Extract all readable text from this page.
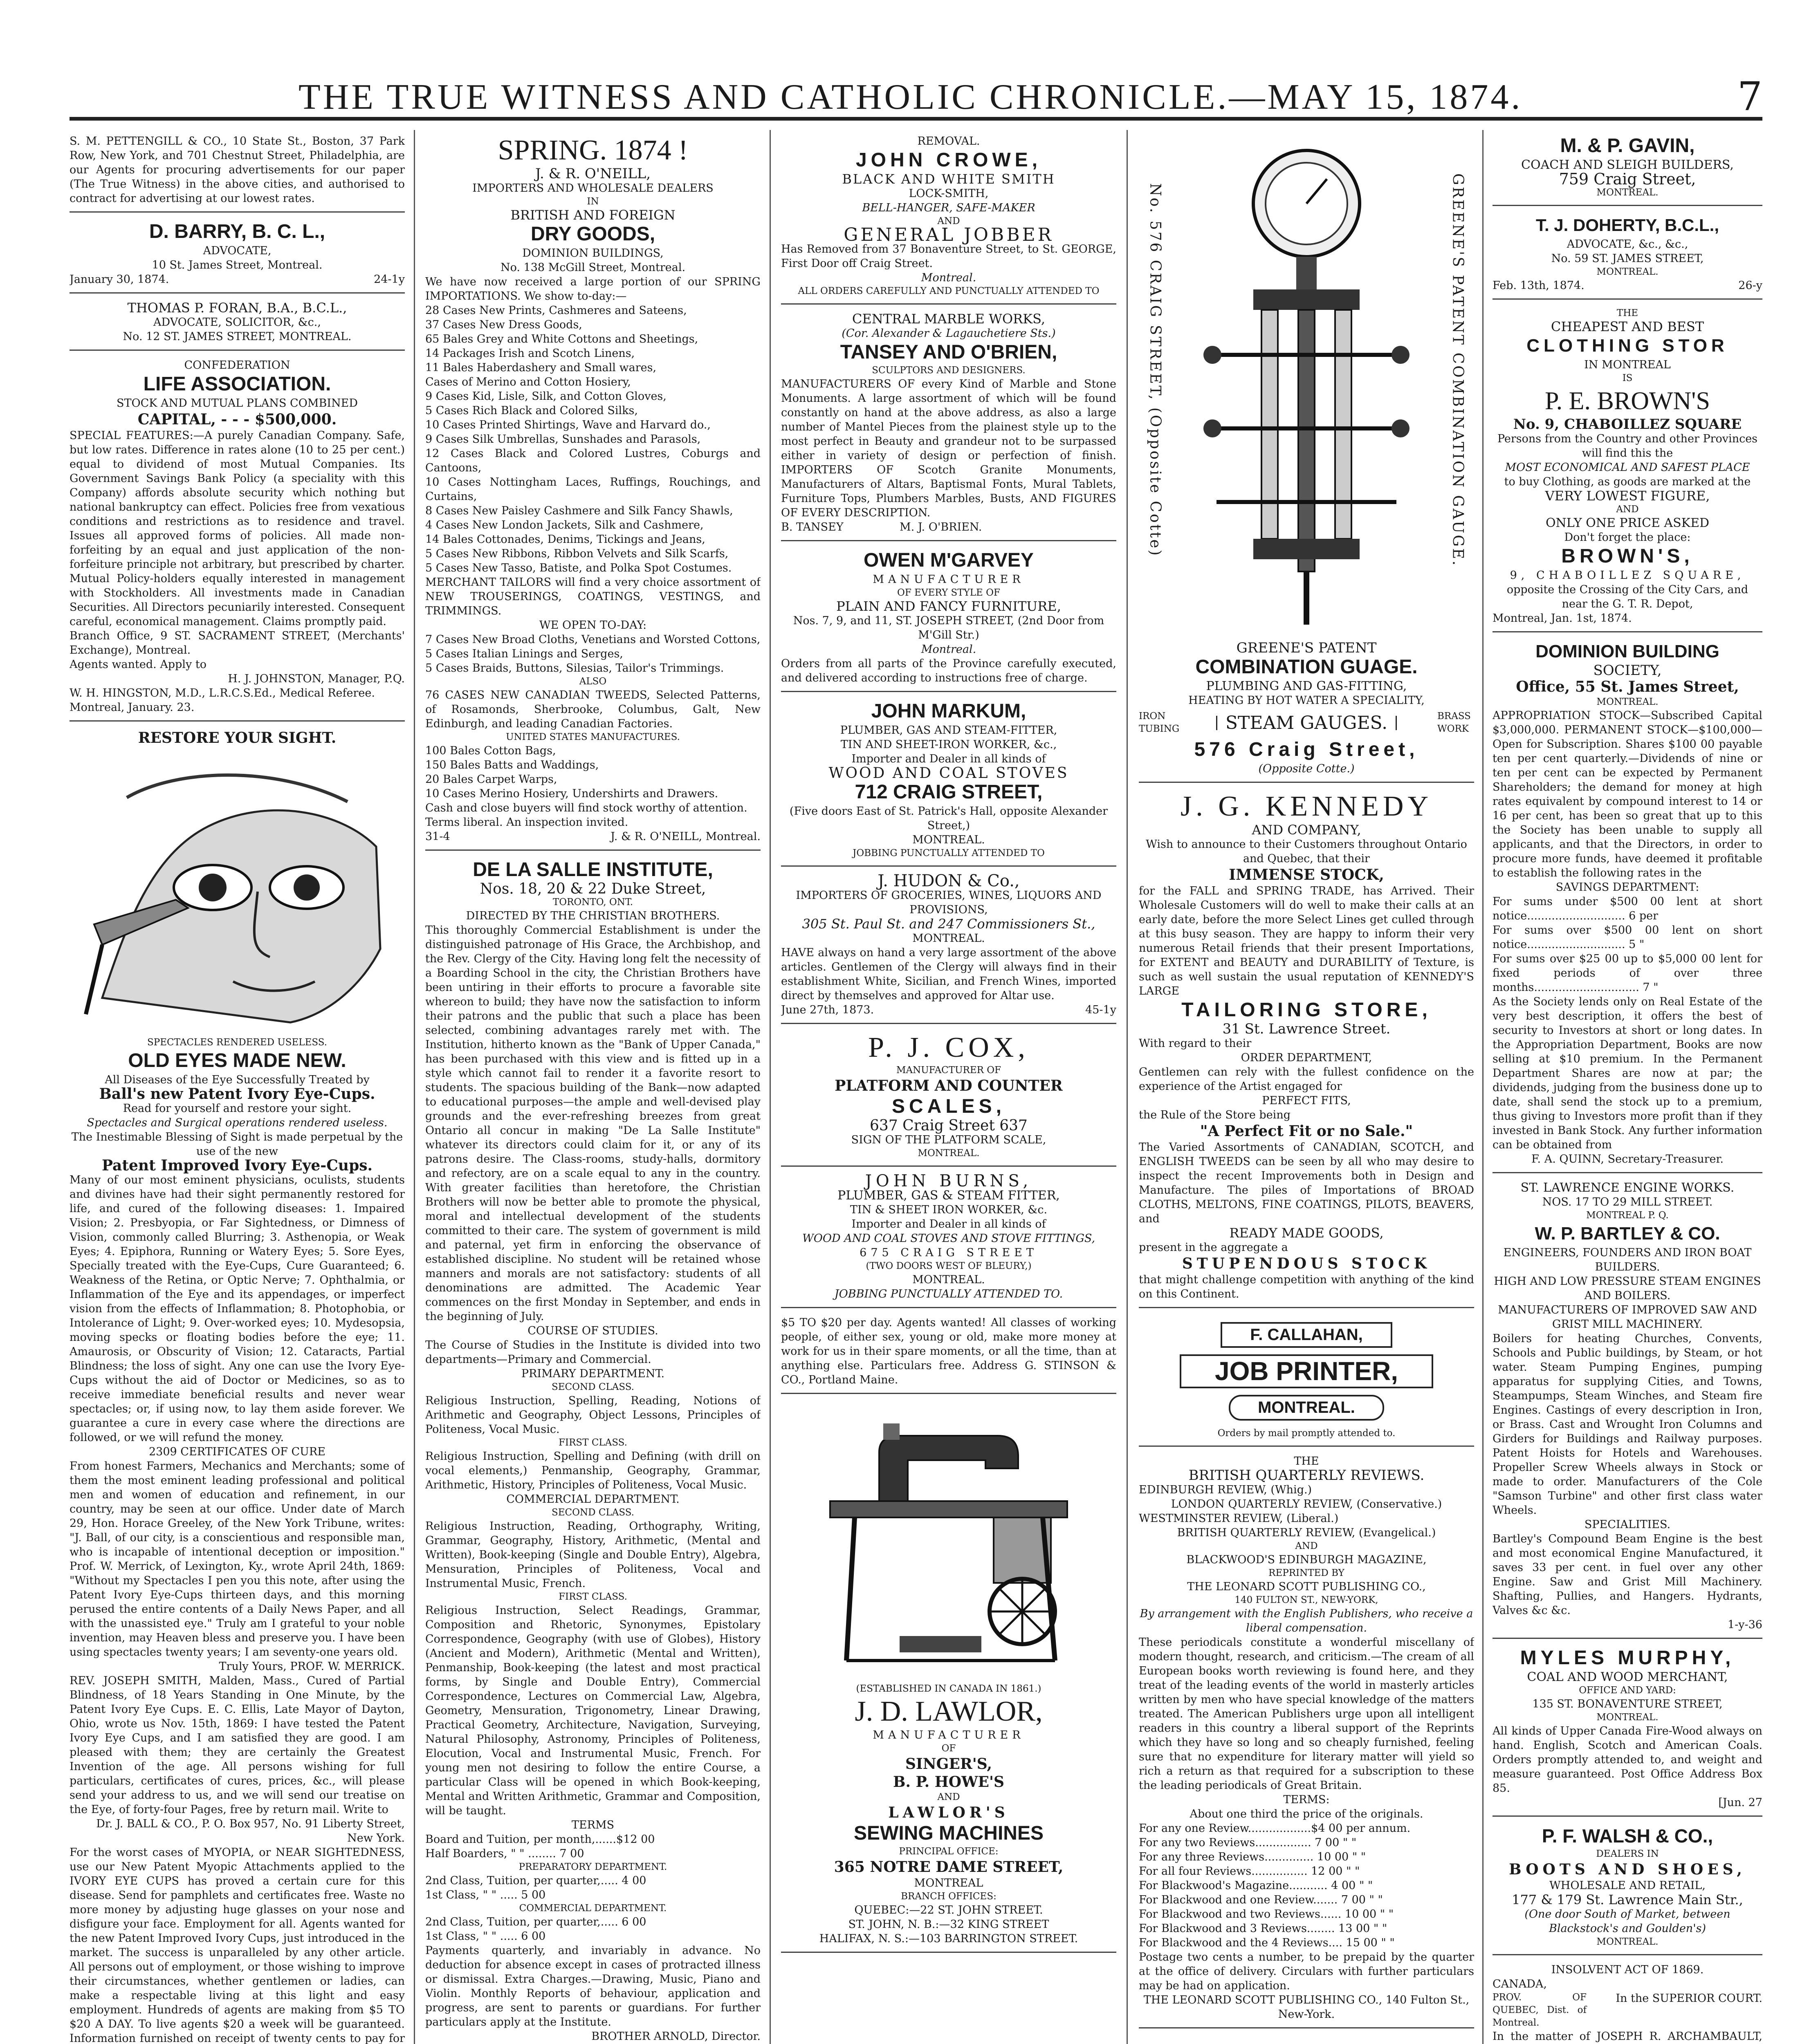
THE TRUE WITNESS AND CATHOLIC CHRONICLE.—MAY 15, 1874.	7

S. M. PETTENGILL & CO., 10 State St., Boston, 37 Park Row, New York, and 701 Chestnut Street, Philadelphia, are our Agents for procuring advertisements for our paper (The True Witness) in the above cities, and authorised to contract for advertising at our lowest rates.

D. BARRY, B. C. L.,
ADVOCATE,
10 St. James Street, Montreal.
January 30, 1874.	24-1y
THOMAS P. FORAN, B.A., B.C.L.,
ADVOCATE, SOLICITOR, &c.,
No. 12 ST. JAMES STREET, MONTREAL.
CONFEDERATION
LIFE ASSOCIATION.
STOCK AND MUTUAL PLANS COMBINED
CAPITAL, - - - $500,000.

SPECIAL FEATURES:—A purely Canadian Company. Safe, but low rates. Difference in rates alone (10 to 25 per cent.) equal to dividend of most Mutual Companies. Its Government Savings Bank Policy (a speciality with this Company) affords absolute security which nothing but national bankruptcy can effect. Policies free from vexatious conditions and restrictions as to residence and travel. Issues all approved forms of policies. All made non-forfeiting by an equal and just application of the non-forfeiture principle not arbitrary, but prescribed by charter. Mutual Policy-holders equally interested in management with Stockholders. All investments made in Canadian Securities. All Directors pecuniarily interested. Consequent careful, economical management. Claims promptly paid.

Branch Office, 9 ST. SACRAMENT STREET, (Merchants' Exchange), Montreal.

Agents wanted. Apply to

H. J. JOHNSTON, Manager, P.Q.

W. H. HINGSTON, M.D., L.R.C.S.Ed., Medical Referee.

Montreal, January. 23.

RESTORE YOUR SIGHT.
SPECTACLES RENDERED USELESS.
OLD EYES MADE NEW.
All Diseases of the Eye Successfully Treated by
Ball's new Patent Ivory Eye-Cups.
Read for yourself and restore your sight.
Spectacles and Surgical operations rendered useless.
The Inestimable Blessing of Sight is made perpetual by the use of the new
Patent Improved Ivory Eye-Cups.

Many of our most eminent physicians, oculists, students and divines have had their sight permanently restored for life, and cured of the following diseases: 1. Impaired Vision; 2. Presbyopia, or Far Sightedness, or Dimness of Vision, commonly called Blurring; 3. Asthenopia, or Weak Eyes; 4. Epiphora, Running or Watery Eyes; 5. Sore Eyes, Specially treated with the Eye-Cups, Cure Guaranteed; 6. Weakness of the Retina, or Optic Nerve; 7. Ophthalmia, or Inflammation of the Eye and its appendages, or imperfect vision from the effects of Inflammation; 8. Photophobia, or Intolerance of Light; 9. Over-worked eyes; 10. Mydesopsia, moving specks or floating bodies before the eye; 11. Amaurosis, or Obscurity of Vision; 12. Cataracts, Partial Blindness; the loss of sight. Any one can use the Ivory Eye-Cups without the aid of Doctor or Medicines, so as to receive immediate beneficial results and never wear spectacles; or, if using now, to lay them aside forever. We guarantee a cure in every case where the directions are followed, or we will refund the money.

2309 CERTIFICATES OF CURE

From honest Farmers, Mechanics and Merchants; some of them the most eminent leading professional and political men and women of education and refinement, in our country, may be seen at our office. Under date of March 29, Hon. Horace Greeley, of the New York Tribune, writes: "J. Ball, of our city, is a conscientious and responsible man, who is incapable of intentional deception or imposition." Prof. W. Merrick, of Lexington, Ky., wrote April 24th, 1869: "Without my Spectacles I pen you this note, after using the Patent Ivory Eye-Cups thirteen days, and this morning perused the entire contents of a Daily News Paper, and all with the unassisted eye." Truly am I grateful to your noble invention, may Heaven bless and preserve you. I have been using spectacles twenty years; I am seventy-one years old.

Truly Yours, PROF. W. MERRICK.

REV. JOSEPH SMITH, Malden, Mass., Cured of Partial Blindness, of 18 Years Standing in One Minute, by the Patent Ivory Eye Cups. E. C. Ellis, Late Mayor of Dayton, Ohio, wrote us Nov. 15th, 1869: I have tested the Patent Ivory Eye Cups, and I am satisfied they are good. I am pleased with them; they are certainly the Greatest Invention of the age. All persons wishing for full particulars, certificates of cures, prices, &c., will please send your address to us, and we will send our treatise on the Eye, of forty-four Pages, free by return mail. Write to

Dr. J. BALL & CO., P. O. Box 957, No. 91 Liberty Street, New York.

For the worst cases of MYOPIA, or NEAR SIGHTEDNESS, use our New Patent Myopic Attachments applied to the IVORY EYE CUPS has proved a certain cure for this disease. Send for pamphlets and certificates free. Waste no more money by adjusting huge glasses on your nose and disfigure your face. Employment for all. Agents wanted for the new Patent Improved Ivory Cups, just introduced in the market. The success is unparalleled by any other article. All persons out of employment, or those wishing to improve their circumstances, whether gentlemen or ladies, can make a respectable living at this light and easy employment. Hundreds of agents are making from $5 TO $20 A DAY. To live agents $20 a week will be guaranteed. Information furnished on receipt of twenty cents to pay for

SPRING. 1874 !
J. & R. O'NEILL,
IMPORTERS AND WHOLESALE DEALERS
IN
BRITISH AND FOREIGN
DRY GOODS,
DOMINION BUILDINGS,
No. 138 McGill Street, Montreal.

We have now received a large portion of our SPRING IMPORTATIONS. We show to-day:—

28 Cases New Prints, Cashmeres and Sateens,
37 Cases New Dress Goods,
65 Bales Grey and White Cottons and Sheetings,
14 Packages Irish and Scotch Linens,
11 Bales Haberdashery and Small wares,
Cases of Merino and Cotton Hosiery,
9 Cases Kid, Lisle, Silk, and Cotton Gloves,
5 Cases Rich Black and Colored Silks,
10 Cases Printed Shirtings, Wave and Harvard do.,
9 Cases Silk Umbrellas, Sunshades and Parasols,
12 Cases Black and Colored Lustres, Coburgs and Cantoons,
10 Cases Nottingham Laces, Ruffings, Rouchings, and Curtains,
8 Cases New Paisley Cashmere and Silk Fancy Shawls,
4 Cases New London Jackets, Silk and Cashmere,
14 Bales Cottonades, Denims, Tickings and Jeans,
5 Cases New Ribbons, Ribbon Velvets and Silk Scarfs,
5 Cases New Tasso, Batiste, and Polka Spot Costumes.

MERCHANT TAILORS will find a very choice assortment of NEW TROUSERINGS, COATINGS, VESTINGS, and TRIMMINGS.

WE OPEN TO-DAY:
7 Cases New Broad Cloths, Venetians and Worsted Cottons,
5 Cases Italian Linings and Serges,
5 Cases Braids, Buttons, Silesias, Tailor's Trimmings.
ALSO

76 CASES NEW CANADIAN TWEEDS, Selected Patterns, of Rosamonds, Sherbrooke, Columbus, Galt, New Edinburgh, and leading Canadian Factories.

UNITED STATES MANUFACTURES.
100 Bales Cotton Bags,
150 Bales Batts and Waddings,
20 Bales Carpet Warps,
10 Cases Merino Hosiery, Undershirts and Drawers.

Cash and close buyers will find stock worthy of attention.

Terms liberal. An inspection invited.

31-4	J. & R. O'NEILL, Montreal.
DE LA SALLE INSTITUTE,
Nos. 18, 20 & 22 Duke Street,
TORONTO, ONT.
DIRECTED BY THE CHRISTIAN BROTHERS.

This thoroughly Commercial Establishment is under the distinguished patronage of His Grace, the Archbishop, and the Rev. Clergy of the City. Having long felt the necessity of a Boarding School in the city, the Christian Brothers have been untiring in their efforts to procure a favorable site whereon to build; they have now the satisfaction to inform their patrons and the public that such a place has been selected, combining advantages rarely met with. The Institution, hitherto known as the "Bank of Upper Canada," has been purchased with this view and is fitted up in a style which cannot fail to render it a favorite resort to students. The spacious building of the Bank—now adapted to educational purposes—the ample and well-devised play grounds and the ever-refreshing breezes from great Ontario all concur in making "De La Salle Institute" whatever its directors could claim for it, or any of its patrons desire. The Class-rooms, study-halls, dormitory and refectory, are on a scale equal to any in the country. With greater facilities than heretofore, the Christian Brothers will now be better able to promote the physical, moral and intellectual development of the students committed to their care. The system of government is mild and paternal, yet firm in enforcing the observance of established discipline. No student will be retained whose manners and morals are not satisfactory: students of all denominations are admitted. The Academic Year commences on the first Monday in September, and ends in the beginning of July.

COURSE OF STUDIES.

The Course of Studies in the Institute is divided into two departments—Primary and Commercial.

PRIMARY DEPARTMENT.
SECOND CLASS.

Religious Instruction, Spelling, Reading, Notions of Arithmetic and Geography, Object Lessons, Principles of Politeness, Vocal Music.

FIRST CLASS.

Religious Instruction, Spelling and Defining (with drill on vocal elements,) Penmanship, Geography, Grammar, Arithmetic, History, Principles of Politeness, Vocal Music.

COMMERCIAL DEPARTMENT.
SECOND CLASS.

Religious Instruction, Reading, Orthography, Writing, Grammar, Geography, History, Arithmetic, (Mental and Written), Book-keeping (Single and Double Entry), Algebra, Mensuration, Principles of Politeness, Vocal and Instrumental Music, French.

FIRST CLASS.

Religious Instruction, Select Readings, Grammar, Composition and Rhetoric, Synonymes, Epistolary Correspondence, Geography (with use of Globes), History (Ancient and Modern), Arithmetic (Mental and Written), Penmanship, Book-keeping (the latest and most practical forms, by Single and Double Entry), Commercial Correspondence, Lectures on Commercial Law, Algebra, Geometry, Mensuration, Trigonometry, Linear Drawing, Practical Geometry, Architecture, Navigation, Surveying, Natural Philosophy, Astronomy, Principles of Politeness, Elocution, Vocal and Instrumental Music, French. For young men not desiring to follow the entire Course, a particular Class will be opened in which Book-keeping, Mental and Written Arithmetic, Grammar and Composition, will be taught.

TERMS
Board and Tuition, per month,......$12 00
Half Boarders, " " ........ 7 00
PREPARATORY DEPARTMENT.
2nd Class, Tuition, per quarter,..... 4 00
1st Class, " " ..... 5 00
COMMERCIAL DEPARTMENT.
2nd Class, Tuition, per quarter,..... 6 00
1st Class, " " ..... 6 00

Payments quarterly, and invariably in advance. No deduction for absence except in cases of protracted illness or dismissal. Extra Charges.—Drawing, Music, Piano and Violin. Monthly Reports of behaviour, application and progress, are sent to parents or guardians. For further particulars apply at the Institute.

BROTHER ARNOLD, Director.

REMOVAL.
JOHN CROWE,
BLACK AND WHITE SMITH
LOCK-SMITH,
BELL-HANGER, SAFE-MAKER
AND
GENERAL JOBBER

Has Removed from 37 Bonaventure Street, to St. GEORGE, First Door off Craig Street.

Montreal.
ALL ORDERS CAREFULLY AND PUNCTUALLY ATTENDED TO
CENTRAL MARBLE WORKS,
(Cor. Alexander & Lagauchetiere Sts.)
TANSEY AND O'BRIEN,
SCULPTORS AND DESIGNERS.

MANUFACTURERS OF every Kind of Marble and Stone Monuments. A large assortment of which will be found constantly on hand at the above address, as also a large number of Mantel Pieces from the plainest style up to the most perfect in Beauty and grandeur not to be surpassed either in variety of design or perfection of finish. IMPORTERS OF Scotch Granite Monuments, Manufacturers of Altars, Baptismal Fonts, Mural Tablets, Furniture Tops, Plumbers Marbles, Busts, AND FIGURES OF EVERY DESCRIPTION.

B. TANSEY                M. J. O'BRIEN.

OWEN M'GARVEY
MANUFACTURER
OF EVERY STYLE OF
PLAIN AND FANCY FURNITURE,
Nos. 7, 9, and 11, ST. JOSEPH STREET, (2nd Door from M'Gill Str.)
Montreal.

Orders from all parts of the Province carefully executed, and delivered according to instructions free of charge.

JOHN MARKUM,
PLUMBER, GAS AND STEAM-FITTER,
TIN AND SHEET-IRON WORKER, &c.,
Importer and Dealer in all kinds of
WOOD AND COAL STOVES
712 CRAIG STREET,
(Five doors East of St. Patrick's Hall, opposite Alexander Street,)
MONTREAL.
JOBBING PUNCTUALLY ATTENDED TO
J. HUDON & Co.,
IMPORTERS OF GROCERIES, WINES, LIQUORS AND PROVISIONS,
305 St. Paul St. and 247 Commissioners St.,
MONTREAL.

HAVE always on hand a very large assortment of the above articles. Gentlemen of the Clergy will always find in their establishment White, Sicilian, and French Wines, imported direct by themselves and approved for Altar use.

June 27th, 1873.	45-1y
P. J. COX,
MANUFACTURER OF
PLATFORM AND COUNTER
SCALES,
637 Craig Street 637
SIGN OF THE PLATFORM SCALE,
MONTREAL.
JOHN BURNS,
PLUMBER, GAS & STEAM FITTER,
TIN & SHEET IRON WORKER, &c.
Importer and Dealer in all kinds of
WOOD AND COAL STOVES AND STOVE FITTINGS,
675 CRAIG STREET
(TWO DOORS WEST OF BLEURY,)
MONTREAL.
JOBBING PUNCTUALLY ATTENDED TO.

$5 TO $20 per day. Agents wanted! All classes of working people, of either sex, young or old, make more money at work for us in their spare moments, or all the time, than at anything else. Particulars free. Address G. STINSON & CO., Portland Maine.

(ESTABLISHED IN CANADA IN 1861.)
J. D. LAWLOR,
MANUFACTURER
OF
SINGER'S,
B. P. HOWE'S
AND
LAWLOR'S
SEWING MACHINES
PRINCIPAL OFFICE:
365 NOTRE DAME STREET,
MONTREAL
BRANCH OFFICES:
QUEBEC:—22 ST. JOHN STREET.
ST. JOHN, N. B.:—32 KING STREET
HALIFAX, N. S.:—103 BARRINGTON STREET.
No. 576 CRAIG STREET, (Opposite Cotte)	GREENE'S PATENT COMBINATION GAUGE.
GREENE'S PATENT
COMBINATION GUAGE.
PLUMBING AND GAS-FITTING,
HEATING BY HOT WATER A SPECIALITY,
IRON TUBING	STEAM GAUGES.	BRASS WORK
576 Craig Street,
(Opposite Cotte.)
J. G. KENNEDY
AND COMPANY,
Wish to announce to their Customers throughout Ontario and Quebec, that their
IMMENSE STOCK,

for the FALL and SPRING TRADE, has Arrived. Their Wholesale Customers will do well to make their calls at an early date, before the more Select Lines get culled through at this busy season. They are happy to inform their very numerous Retail friends that their present Importations, for EXTENT and BEAUTY and DURABILITY of Texture, is such as well sustain the usual reputation of KENNEDY'S LARGE

TAILORING STORE,
31 St. Lawrence Street.

With regard to their

ORDER DEPARTMENT,

Gentlemen can rely with the fullest confidence on the experience of the Artist engaged for

PERFECT FITS,

the Rule of the Store being

"A Perfect Fit or no Sale."

The Varied Assortments of CANADIAN, SCOTCH, and ENGLISH TWEEDS can be seen by all who may desire to inspect the recent Improvements both in Design and Manufacture. The piles of Importations of BROAD CLOTHS, MELTONS, FINE COATINGS, PILOTS, BEAVERS, and

READY MADE GOODS,

present in the aggregate a

STUPENDOUS STOCK

that might challenge competition with anything of the kind on this Continent.

F. CALLAHAN,
JOB PRINTER,
MONTREAL.
Orders by mail promptly attended to.
THE
BRITISH QUARTERLY REVIEWS.
EDINBURGH REVIEW, (Whig.)
LONDON QUARTERLY REVIEW, (Conservative.)
WESTMINSTER REVIEW, (Liberal.)
BRITISH QUARTERLY REVIEW, (Evangelical.)
AND
BLACKWOOD'S EDINBURGH MAGAZINE,
REPRINTED BY
THE LEONARD SCOTT PUBLISHING CO.,
140 FULTON ST., NEW-YORK,
By arrangement with the English Publishers, who receive a liberal compensation.

These periodicals constitute a wonderful miscellany of modern thought, research, and criticism.—The cream of all European books worth reviewing is found here, and they treat of the leading events of the world in masterly articles written by men who have special knowledge of the matters treated. The American Publishers urge upon all intelligent readers in this country a liberal support of the Reprints which they have so long and so cheaply furnished, feeling sure that no expenditure for literary matter will yield so rich a return as that required for a subscription to these the leading periodicals of Great Britain.

TERMS:
About one third the price of the originals.
For any one Review..................$4 00 per annum.
For any two Reviews................ 7 00 " "
For any three Reviews.............. 10 00 " "
For all four Reviews................ 12 00 " "
For Blackwood's Magazine........... 4 00 " "
For Blackwood and one Review....... 7 00 " "
For Blackwood and two Reviews...... 10 00 " "
For Blackwood and 3 Reviews........ 13 00 " "
For Blackwood and the 4 Reviews.... 15 00 " "

Postage two cents a number, to be prepaid by the quarter at the office of delivery. Circulars with further particulars may be had on application.

THE LEONARD SCOTT PUBLISHING CO., 140 Fulton St., New-York.

M. & P. GAVIN,
COACH AND SLEIGH BUILDERS,
759 Craig Street,
MONTREAL.
T. J. DOHERTY, B.C.L.,
ADVOCATE, &c., &c.,
No. 59 ST. JAMES STREET,
MONTREAL.
Feb. 13th, 1874.	26-y
THE
CHEAPEST AND BEST
CLOTHING STOR
IN MONTREAL
IS
P. E. BROWN'S
No. 9, CHABOILLEZ SQUARE
Persons from the Country and other Provinces will find this the
MOST ECONOMICAL AND SAFEST PLACE
to buy Clothing, as goods are marked at the
VERY LOWEST FIGURE,
AND
ONLY ONE PRICE ASKED
Don't forget the place:
BROWN'S,
9, CHABOILLEZ SQUARE,
opposite the Crossing of the City Cars, and near the G. T. R. Depot,
Montreal, Jan. 1st, 1874.
DOMINION BUILDING
SOCIETY,
Office, 55 St. James Street,
MONTREAL.

APPROPRIATION STOCK—Subscribed Capital $3,000,000. PERMANENT STOCK—$100,000—Open for Subscription. Shares $100 00 payable ten per cent quarterly.—Dividends of nine or ten per cent can be expected by Permanent Shareholders; the demand for money at high rates equivalent by compound interest to 14 or 16 per cent, has been so great that up to this the Society has been unable to supply all applicants, and that the Directors, in order to procure more funds, have deemed it profitable to establish the following rates in the

SAVINGS DEPARTMENT:
For sums under $500 00 lent at short notice............................ 6 per
For sums over $500 00 lent on short notice............................ 5 "
For sums over $25 00 up to $5,000 00 lent for fixed periods of over three months.............................. 7 "

As the Society lends only on Real Estate of the very best description, it offers the best of security to Investors at short or long dates. In the Appropriation Department, Books are now selling at $10 premium. In the Permanent Department Shares are now at par; the dividends, judging from the business done up to date, shall send the stock up to a premium, thus giving to Investors more profit than if they invested in Bank Stock. Any further information can be obtained from

F. A. QUINN, Secretary-Treasurer.

ST. LAWRENCE ENGINE WORKS.
NOS. 17 TO 29 MILL STREET.
MONTREAL P. Q.
W. P. BARTLEY & CO.
ENGINEERS, FOUNDERS AND IRON BOAT BUILDERS.
HIGH AND LOW PRESSURE STEAM ENGINES AND BOILERS.
MANUFACTURERS OF IMPROVED SAW AND GRIST MILL MACHINERY.

Boilers for heating Churches, Convents, Schools and Public buildings, by Steam, or hot water. Steam Pumping Engines, pumping apparatus for supplying Cities, and Towns, Steampumps, Steam Winches, and Steam fire Engines. Castings of every description in Iron, or Brass. Cast and Wrought Iron Columns and Girders for Buildings and Railway purposes. Patent Hoists for Hotels and Warehouses. Propeller Screw Wheels always in Stock or made to order. Manufacturers of the Cole "Samson Turbine" and other first class water Wheels.

SPECIALITIES.

Bartley's Compound Beam Engine is the best and most economical Engine Manufactured, it saves 33 per cent. in fuel over any other Engine. Saw and Grist Mill Machinery. Shafting, Pullies, and Hangers. Hydrants, Valves &c &c.

1-y-36
MYLES MURPHY,
COAL AND WOOD MERCHANT,
OFFICE AND YARD:
135 ST. BONAVENTURE STREET,
MONTREAL.

All kinds of Upper Canada Fire-Wood always on hand. English, Scotch and American Coals. Orders promptly attended to, and weight and measure guaranteed. Post Office Address Box 85.

[Jun. 27
P. F. WALSH & CO.,
DEALERS IN
BOOTS AND SHOES,
WHOLESALE AND RETAIL,
177 & 179 St. Lawrence Main Str.,
(One door South of Market, between Blackstock's and Goulden's)
MONTREAL.
INSOLVENT ACT OF 1869.
CANADA,
PROV. OF QUEBEC, Dist. of Montreal.
In the SUPERIOR COURT.

In the matter of JOSEPH R. ARCHAMBAULT,
